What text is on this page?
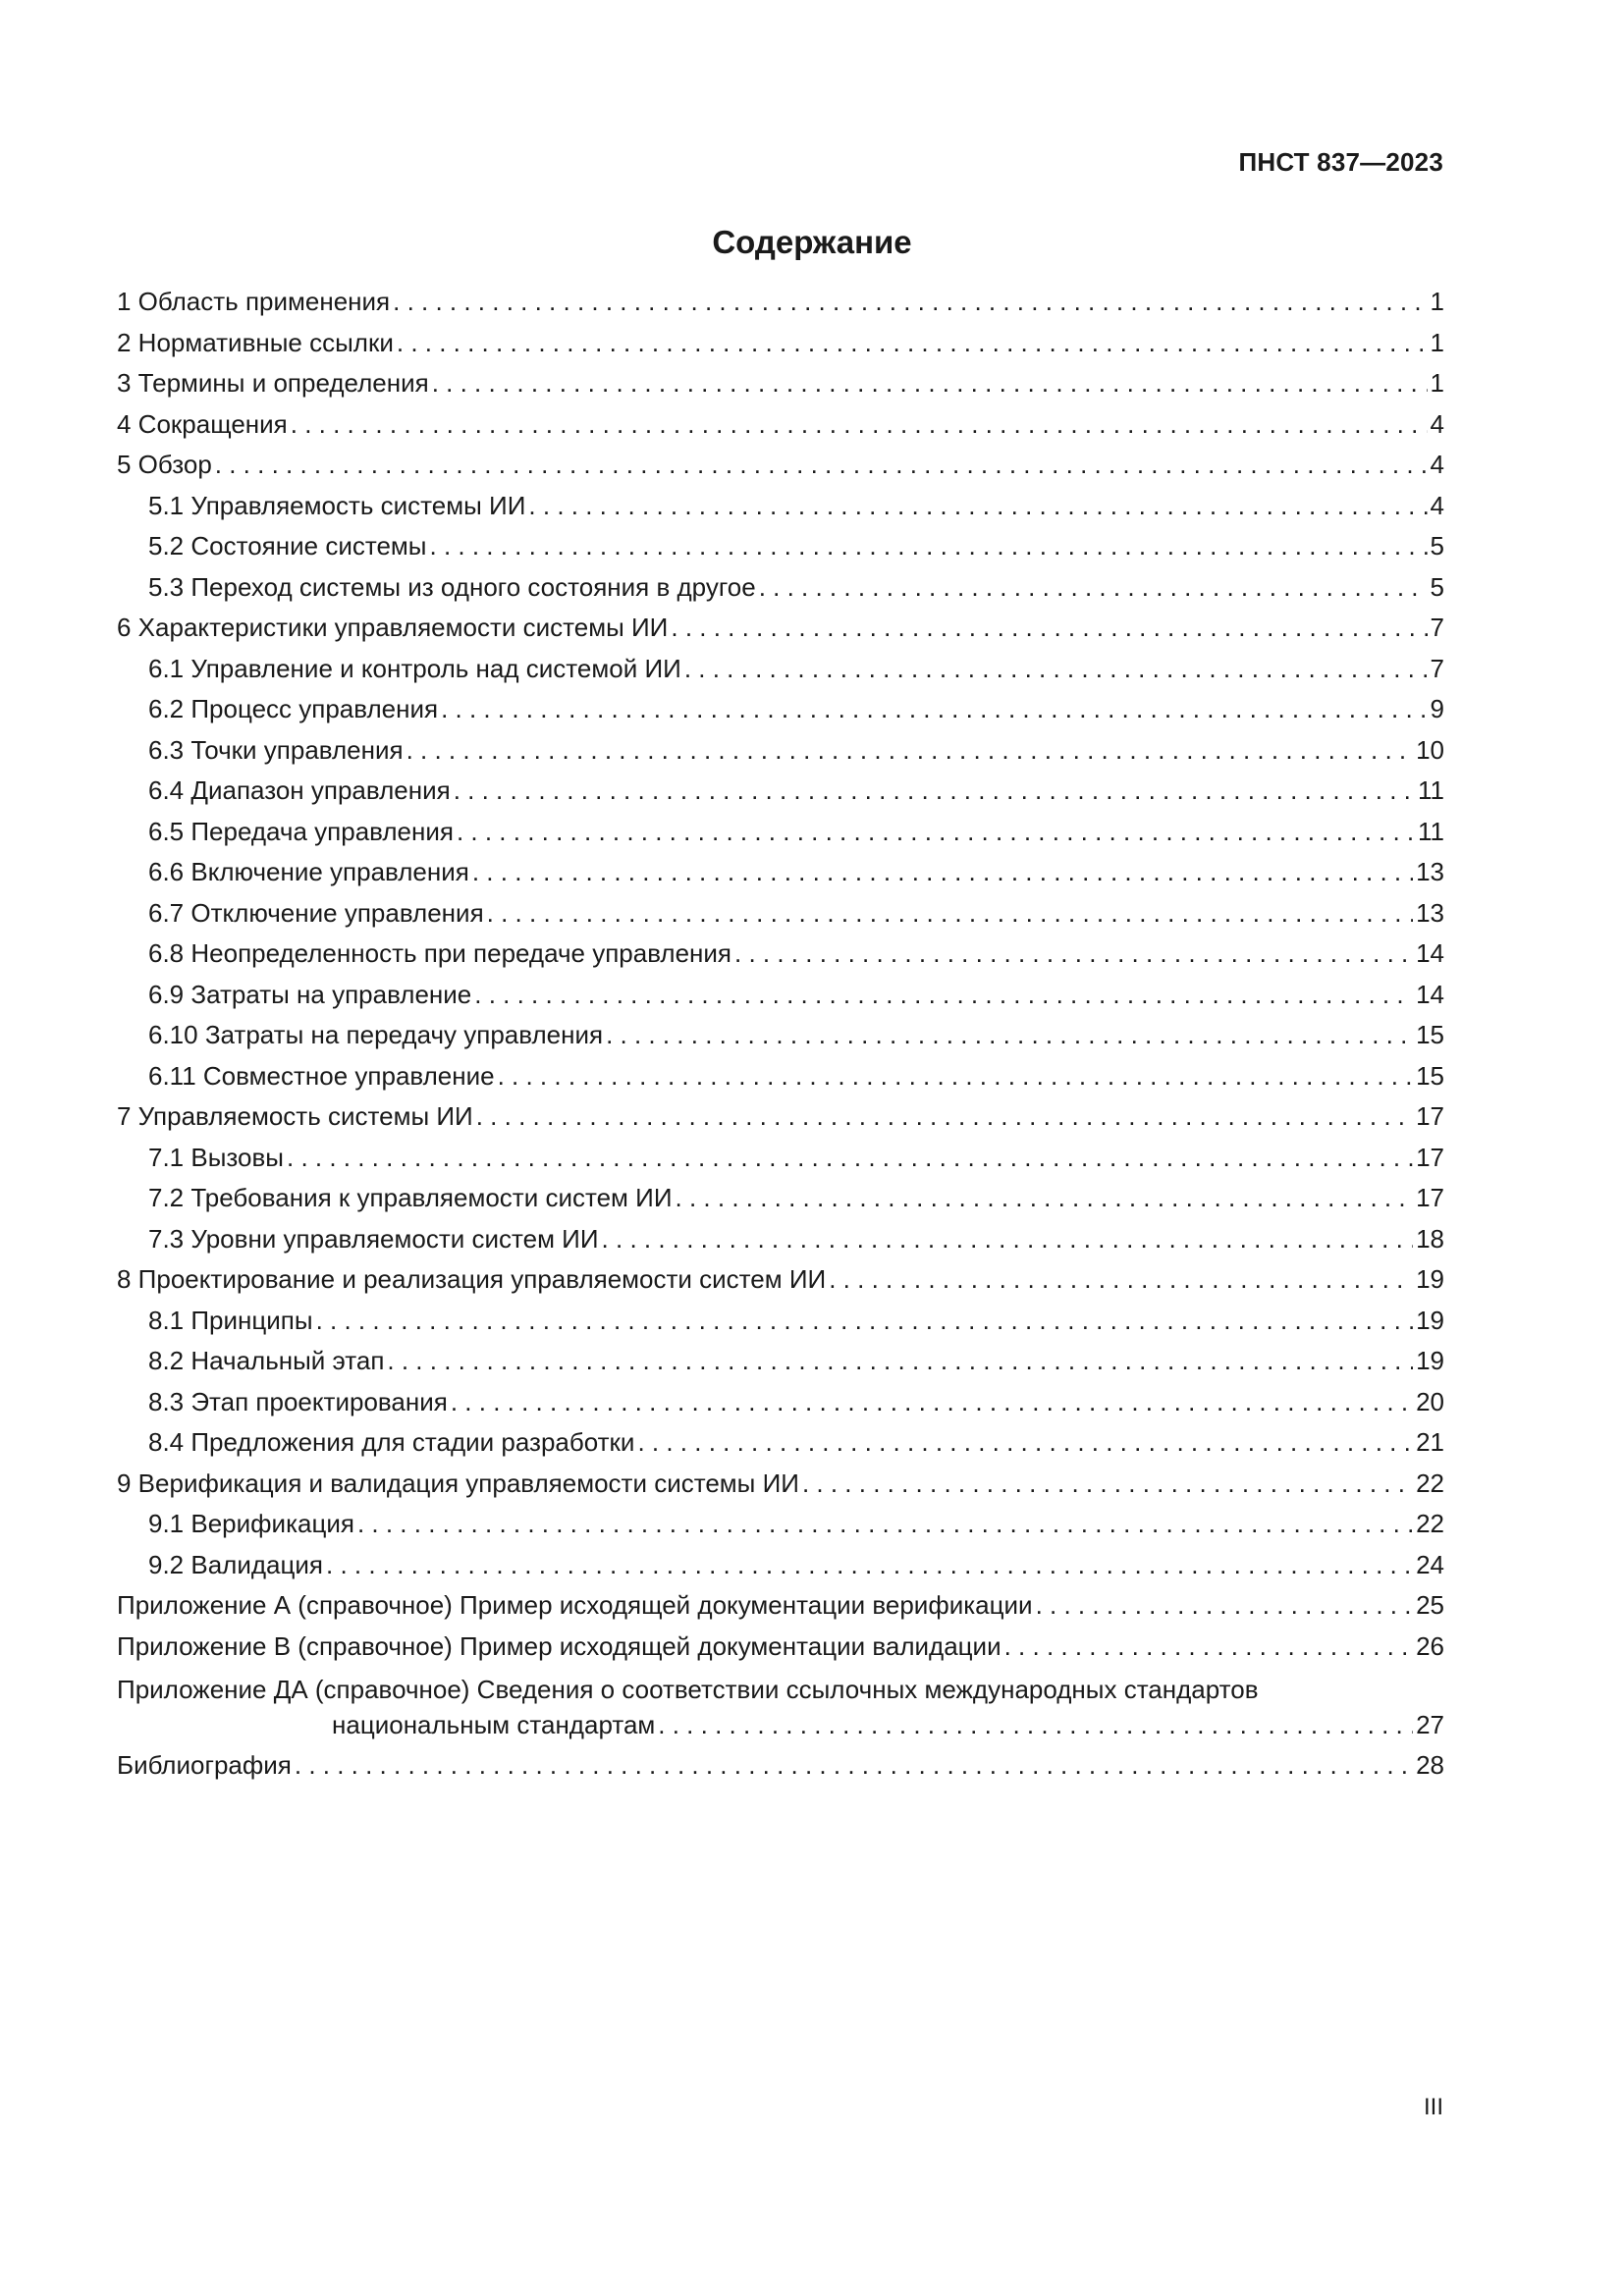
ПНСТ 837—2023
Содержание
1 Область применения . . .	1
2 Нормативные ссылки . . .	1
3 Термины и определения . . .	1
4 Сокращения . . .	4
5 Обзор . . .	4
5.1 Управляемость системы ИИ . . .	4
5.2 Состояние системы . . .	5
5.3 Переход системы из одного состояния в другое . . .	5
6 Характеристики управляемости системы ИИ . . .	7
6.1 Управление и контроль над системой ИИ . . .	7
6.2 Процесс управления . . .	9
6.3 Точки управления . . .	10
6.4 Диапазон управления . . .	11
6.5 Передача управления . . .	11
6.6 Включение управления . . .	13
6.7 Отключение управления . . .	13
6.8 Неопределенность при передаче управления . . .	14
6.9 Затраты на управление . . .	14
6.10 Затраты на передачу управления . . .	15
6.11 Совместное управление . . .	15
7 Управляемость системы ИИ . . .	17
7.1 Вызовы . . .	17
7.2 Требования к управляемости систем ИИ . . .	17
7.3 Уровни управляемости систем ИИ . . .	18
8 Проектирование и реализация управляемости систем ИИ . . .	19
8.1 Принципы . . .	19
8.2 Начальный этап . . .	19
8.3 Этап проектирования . . .	20
8.4 Предложения для стадии разработки . . .	21
9 Верификация и валидация управляемости системы ИИ . . .	22
9.1 Верификация . . .	22
9.2 Валидация . . .	24
Приложение А (справочное) Пример исходящей документации верификации . . .	25
Приложение В (справочное) Пример исходящей документации валидации . . .	26
Приложение ДА (справочное) Сведения о соответствии ссылочных международных стандартов
национальным стандартам . . .	27
Библиография . . .	28
III
